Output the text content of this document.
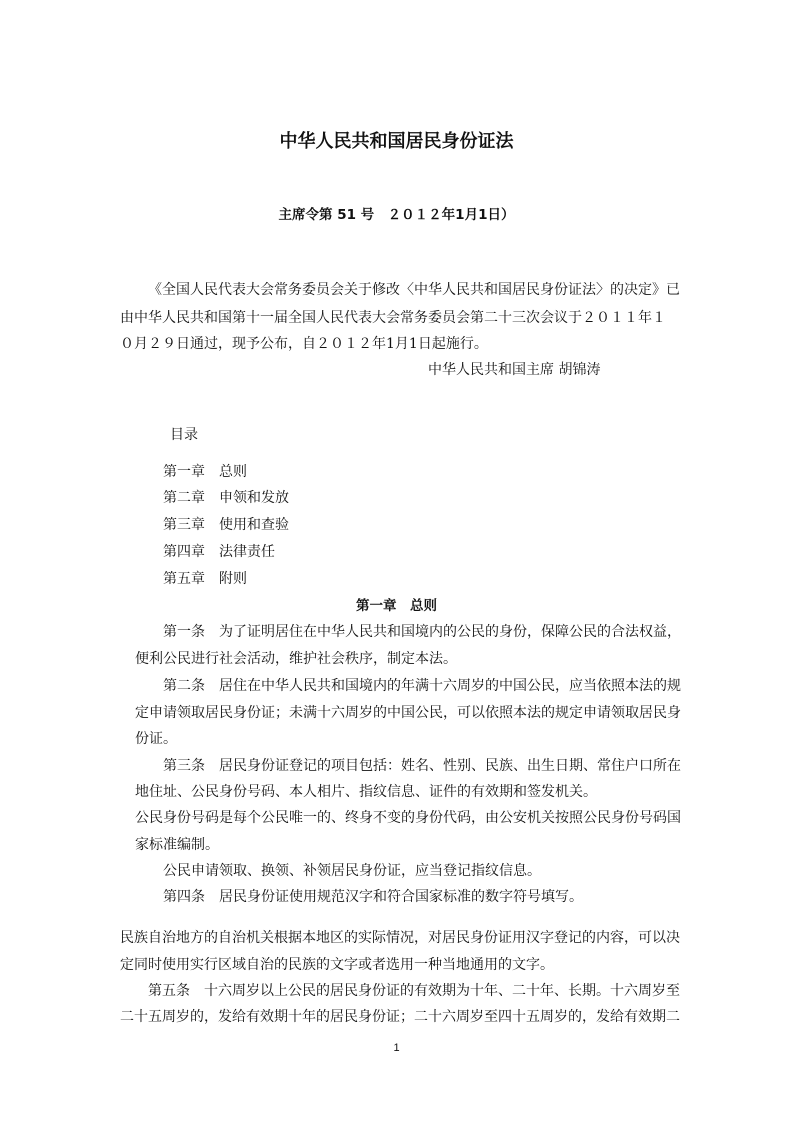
中华人民共和国居民身份证法
主席令第 51 号　２０１２年1月1日）
《全国人民代表大会常务委员会关于修改〈中华人民共和国居民身份证法〉的决定》已
由中华人民共和国第十一届全国人民代表大会常务委员会第二十三次会议于２０１１年１
０月２９日通过，现予公布，自２０１２年1月1日起施行。
中华人民共和国主席 胡锦涛
目录
第一章　总则
第二章　申领和发放
第三章　使用和查验
第四章　法律责任
第五章　附则
第一章　总则
第一条　为了证明居住在中华人民共和国境内的公民的身份，保障公民的合法权益，
便利公民进行社会活动，维护社会秩序，制定本法。
第二条　居住在中华人民共和国境内的年满十六周岁的中国公民，应当依照本法的规
定申请领取居民身份证；未满十六周岁的中国公民，可以依照本法的规定申请领取居民身
份证。
第三条　居民身份证登记的项目包括：姓名、性别、民族、出生日期、常住户口所在
地住址、公民身份号码、本人相片、指纹信息、证件的有效期和签发机关。
公民身份号码是每个公民唯一的、终身不变的身份代码，由公安机关按照公民身份号码国
家标准编制。
公民申请领取、换领、补领居民身份证，应当登记指纹信息。
第四条　居民身份证使用规范汉字和符合国家标准的数字符号填写。
民族自治地方的自治机关根据本地区的实际情况，对居民身份证用汉字登记的内容，可以决
定同时使用实行区域自治的民族的文字或者选用一种当地通用的文字。
第五条　十六周岁以上公民的居民身份证的有效期为十年、二十年、长期。十六周岁至
二十五周岁的，发给有效期十年的居民身份证；二十六周岁至四十五周岁的，发给有效期二
1
